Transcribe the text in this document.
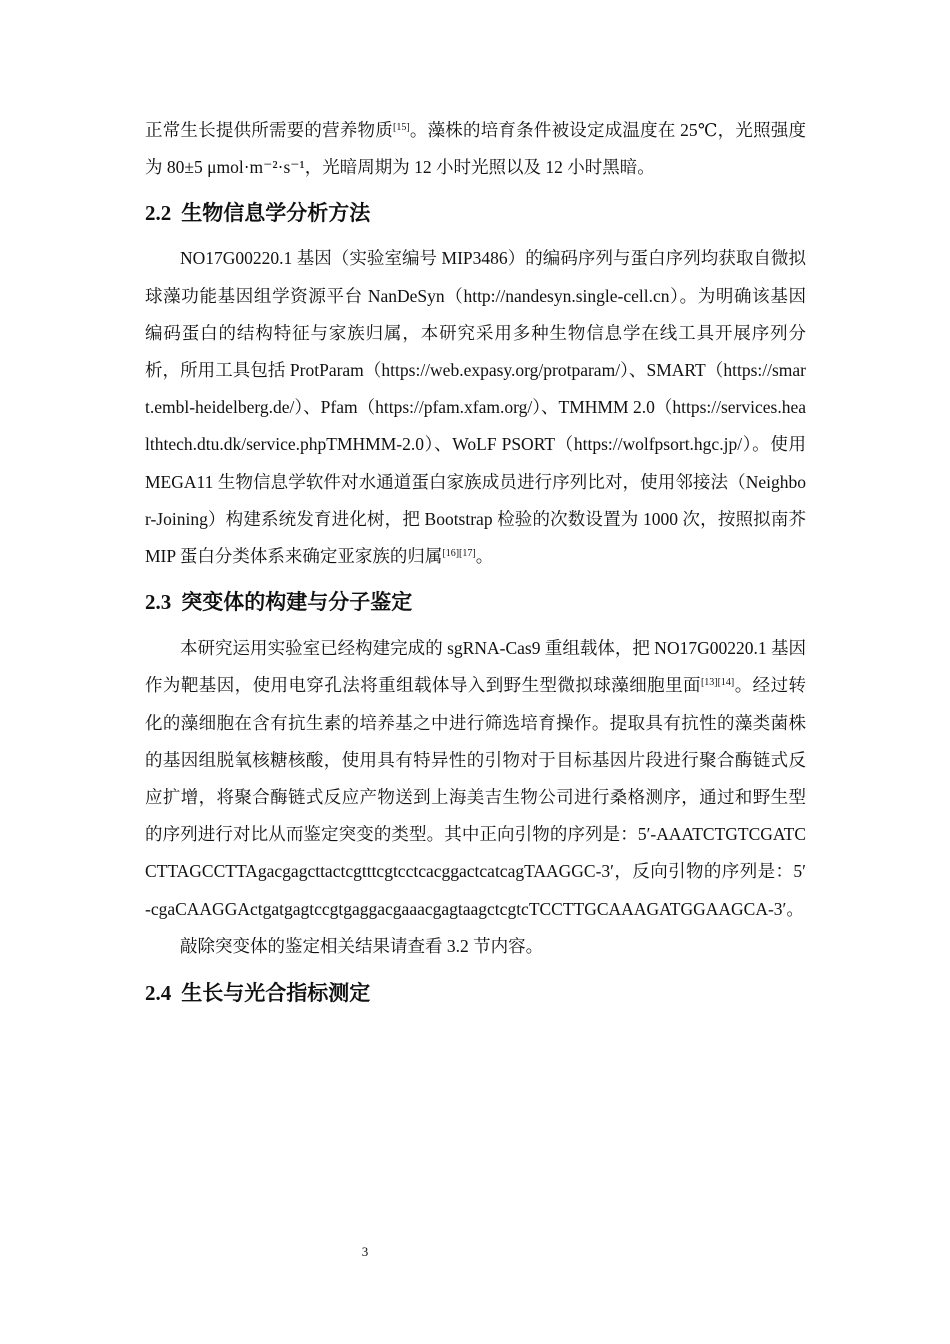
正常生长提供所需要的营养物质[15]。藻株的培育条件被设定成温度在 25℃，光照强度为 80±5 μmol·m⁻²·s⁻¹，光暗周期为 12 小时光照以及 12 小时黑暗。

2.2 生物信息学分析方法

NO17G00220.1 基因（实验室编号 MIP3486）的编码序列与蛋白序列均获取自微拟球藻功能基因组学资源平台 NanDeSyn（http://nandesyn.single-cell.cn）。为明确该基因编码蛋白的结构特征与家族归属，本研究采用多种生物信息学在线工具开展序列分析，所用工具包括 ProtParam（https://web.expasy.org/protparam/）、SMART（https://smart.embl-heidelberg.de/）、Pfam（https://pfam.xfam.org/）、TMHMM 2.0（https://services.healthtech.dtu.dk/service.phpTMHMM-2.0）、WoLF PSORT（https://wolfpsort.hgc.jp/）。使用 MEGA11 生物信息学软件对水通道蛋白家族成员进行序列比对，使用邻接法（Neighbor-Joining）构建系统发育进化树，把 Bootstrap 检验的次数设置为 1000 次，按照拟南芥 MIP 蛋白分类体系来确定亚家族的归属[16][17]。

2.3 突变体的构建与分子鉴定

本研究运用实验室已经构建完成的 sgRNA-Cas9 重组载体，把 NO17G00220.1 基因作为靶基因，使用电穿孔法将重组载体导入到野生型微拟球藻细胞里面[13][14]。经过转化的藻细胞在含有抗生素的培养基之中进行筛选培育操作。提取具有抗性的藻类菌株的基因组脱氧核糖核酸，使用具有特异性的引物对于目标基因片段进行聚合酶链式反应扩增，将聚合酶链式反应产物送到上海美吉生物公司进行桑格测序，通过和野生型的序列进行对比从而鉴定突变的类型。其中正向引物的序列是：5′-AAATCTGTCGATCCTTAGCCTTAgacgagcttactcgtttcgtcctcacggactcatcagTAAGGC-3′，反向引物的序列是：5′-cgaCAAGGActgatgagtccgtgaggacgaaacgagtaagctcgtcTCCTTGCAAAGATGGAAGCA-3′。

敲除突变体的鉴定相关结果请查看 3.2 节内容。

2.4 生长与光合指标测定
3
